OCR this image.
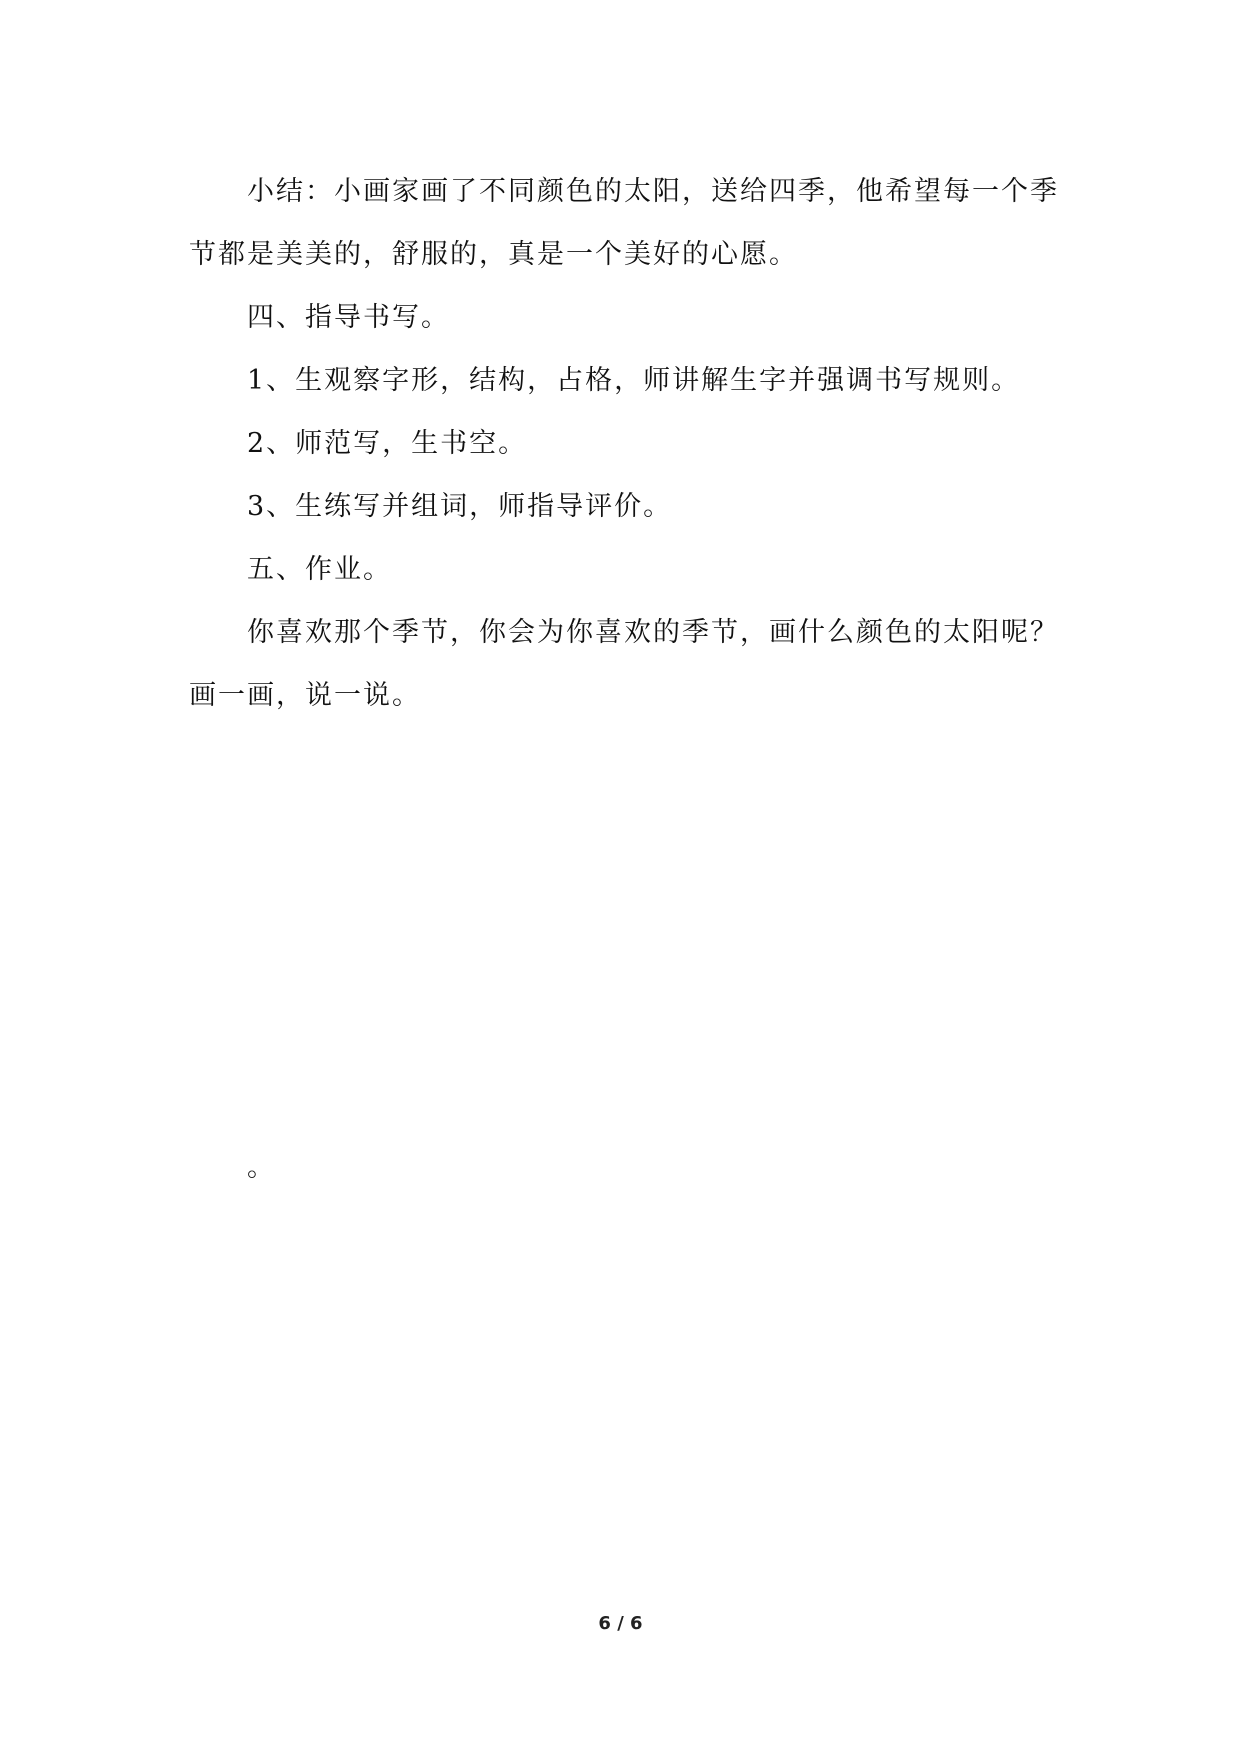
小结：小画家画了不同颜色的太阳，送给四季，他希望每一个季节都是美美的，舒服的，真是一个美好的心愿。

四、指导书写。

1、生观察字形，结构，占格，师讲解生字并强调书写规则。

2、师范写，生书空。

3、生练写并组词，师指导评价。

五、作业。

你喜欢那个季节，你会为你喜欢的季节，画什么颜色的太阳呢？画一画，说一说。

。
6 / 6
